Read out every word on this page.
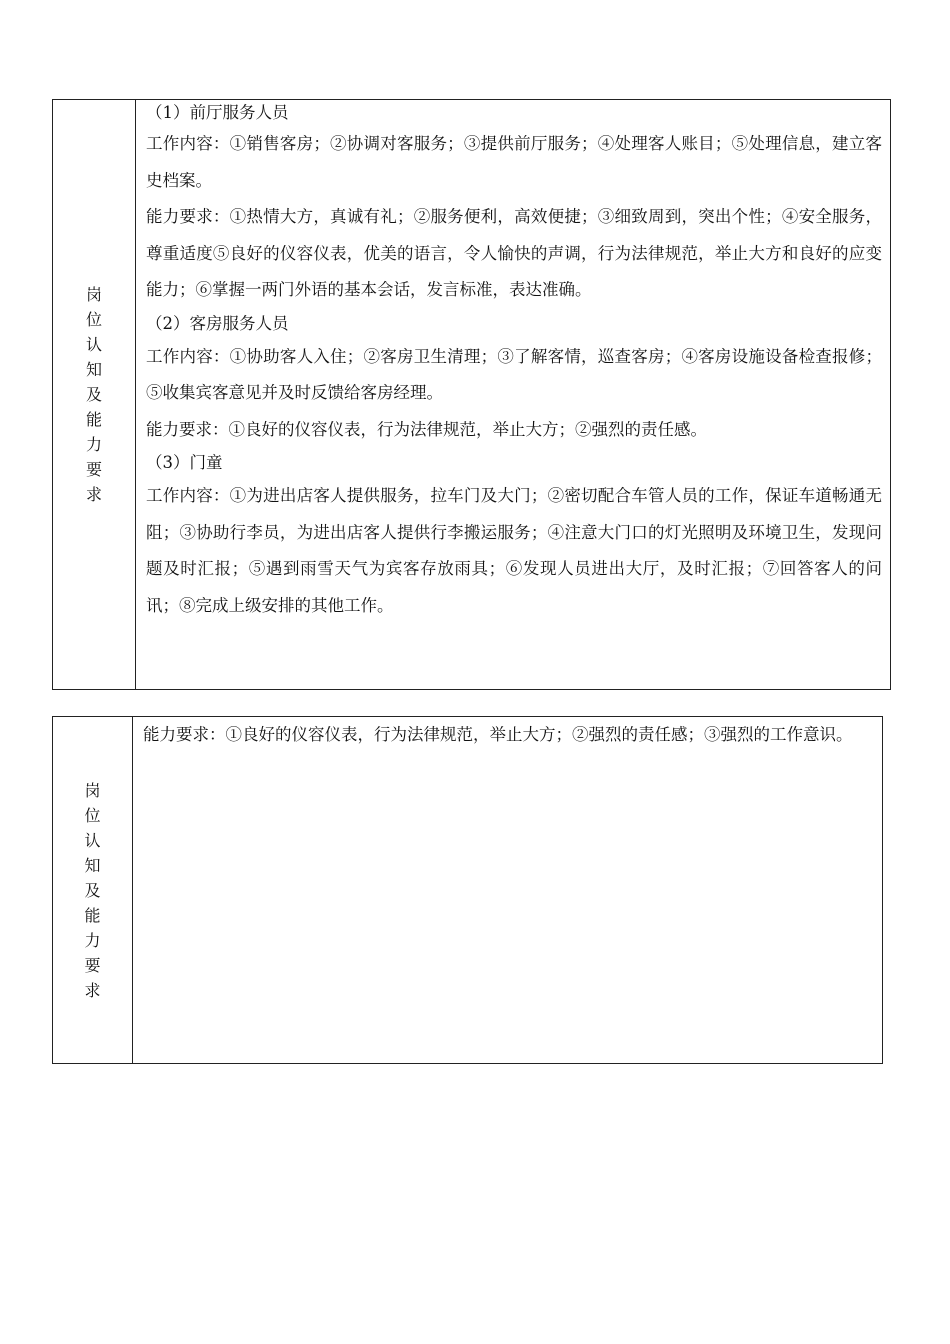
岗
位
认
知
及
能
力
要
求
（1）前厅服务人员

工作内容：①销售客房；②协调对客服务；③提供前厅服务；④处理客人账目；⑤处理信息，建立客史档案。

能力要求：①热情大方，真诚有礼；②服务便利，高效便捷；③细致周到，突出个性；④安全服务，尊重适度⑤良好的仪容仪表，优美的语言，令人愉快的声调，行为法律规范，举止大方和良好的应变能力；⑥掌握一两门外语的基本会话，发言标准，表达准确。

（2）客房服务人员

工作内容：①协助客人入住；②客房卫生清理；③了解客情，巡查客房；④客房设施设备检查报修；⑤收集宾客意见并及时反馈给客房经理。

能力要求：①良好的仪容仪表，行为法律规范，举止大方；②强烈的责任感。

（3）门童

工作内容：①为进出店客人提供服务，拉车门及大门；②密切配合车管人员的工作，保证车道畅通无阻；③协助行李员，为进出店客人提供行李搬运服务；④注意大门口的灯光照明及环境卫生，发现问题及时汇报；⑤遇到雨雪天气为宾客存放雨具；⑥发现人员进出大厅，及时汇报；⑦回答客人的问讯；⑧完成上级安排的其他工作。

岗
位
认
知
及
能
力
要
求

能力要求：①良好的仪容仪表，行为法律规范，举止大方；②强烈的责任感；③强烈的工作意识。
